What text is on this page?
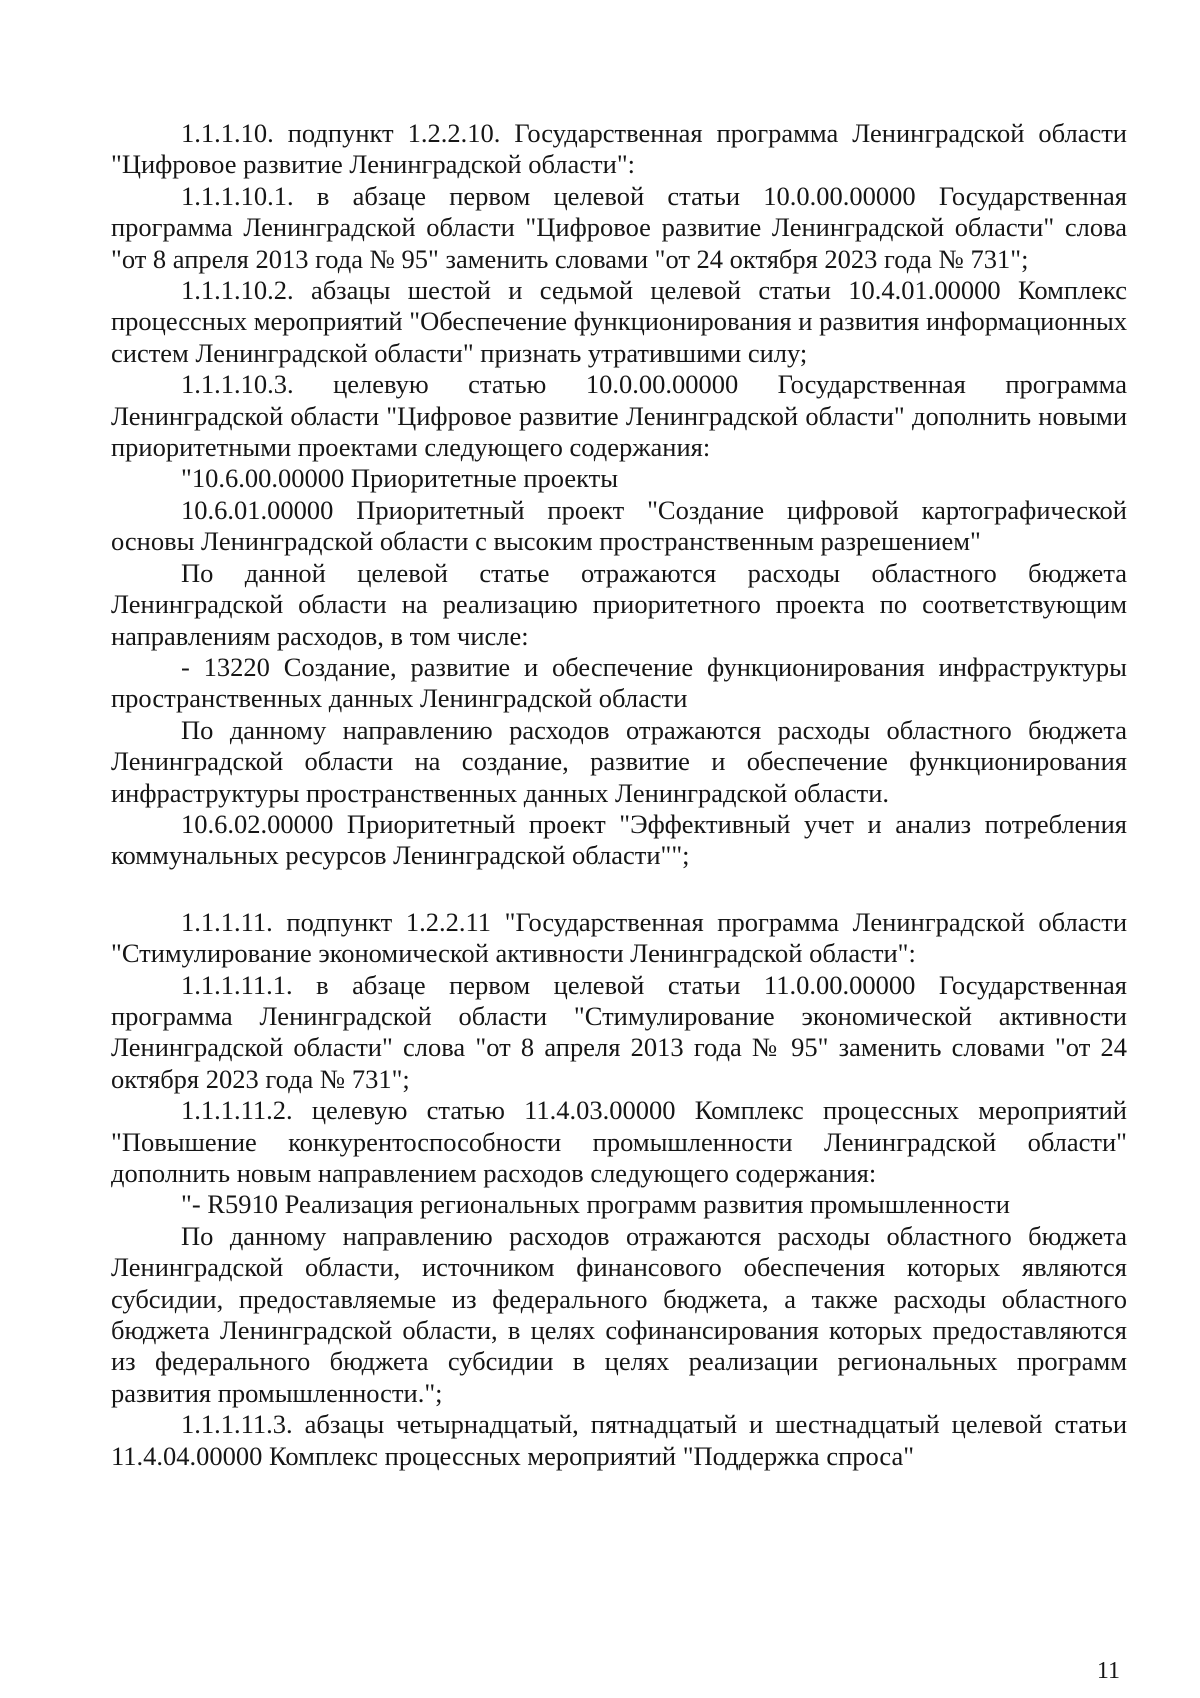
1.1.1.10. подпункт 1.2.2.10. Государственная программа Ленинградской области "Цифровое развитие Ленинградской области":

1.1.1.10.1. в абзаце первом целевой статьи 10.0.00.00000 Государственная программа Ленинградской области "Цифровое развитие Ленинградской области" слова "от 8 апреля 2013 года № 95" заменить словами "от 24 октября 2023 года № 731";

1.1.1.10.2. абзацы шестой и седьмой целевой статьи 10.4.01.00000 Комплекс процессных мероприятий "Обеспечение функционирования и развития информационных систем Ленинградской области" признать утратившими силу;

1.1.1.10.3. целевую статью 10.0.00.00000 Государственная программа Ленинградской области "Цифровое развитие Ленинградской области" дополнить новыми приоритетными проектами следующего содержания:

"10.6.00.00000 Приоритетные проекты

10.6.01.00000 Приоритетный проект "Создание цифровой картографической основы Ленинградской области с высоким пространственным разрешением"

По данной целевой статье отражаются расходы областного бюджета Ленинградской области на реализацию приоритетного проекта по соответствующим направлениям расходов, в том числе:

- 13220 Создание, развитие и обеспечение функционирования инфраструктуры пространственных данных Ленинградской области

По данному направлению расходов отражаются расходы областного бюджета Ленинградской области на создание, развитие и обеспечение функционирования инфраструктуры пространственных данных Ленинградской области.

10.6.02.00000 Приоритетный проект "Эффективный учет и анализ потребления коммунальных ресурсов Ленинградской области"";

1.1.1.11. подпункт 1.2.2.11 "Государственная программа Ленинградской области "Стимулирование экономической активности Ленинградской области":

1.1.1.11.1. в абзаце первом целевой статьи 11.0.00.00000 Государственная программа Ленинградской области "Стимулирование экономической активности Ленинградской области" слова "от 8 апреля 2013 года № 95" заменить словами "от 24 октября 2023 года № 731";

1.1.1.11.2. целевую статью 11.4.03.00000 Комплекс процессных мероприятий "Повышение конкурентоспособности промышленности Ленинградской области" дополнить новым направлением расходов следующего содержания:

"- R5910 Реализация региональных программ развития промышленности

По данному направлению расходов отражаются расходы областного бюджета Ленинградской области, источником финансового обеспечения которых являются субсидии, предоставляемые из федерального бюджета, а также расходы областного бюджета Ленинградской области, в целях софинансирования которых предоставляются из федерального бюджета субсидии в целях реализации региональных программ развития промышленности.";

1.1.1.11.3. абзацы четырнадцатый, пятнадцатый и шестнадцатый целевой статьи 11.4.04.00000 Комплекс процессных мероприятий "Поддержка спроса"

11
